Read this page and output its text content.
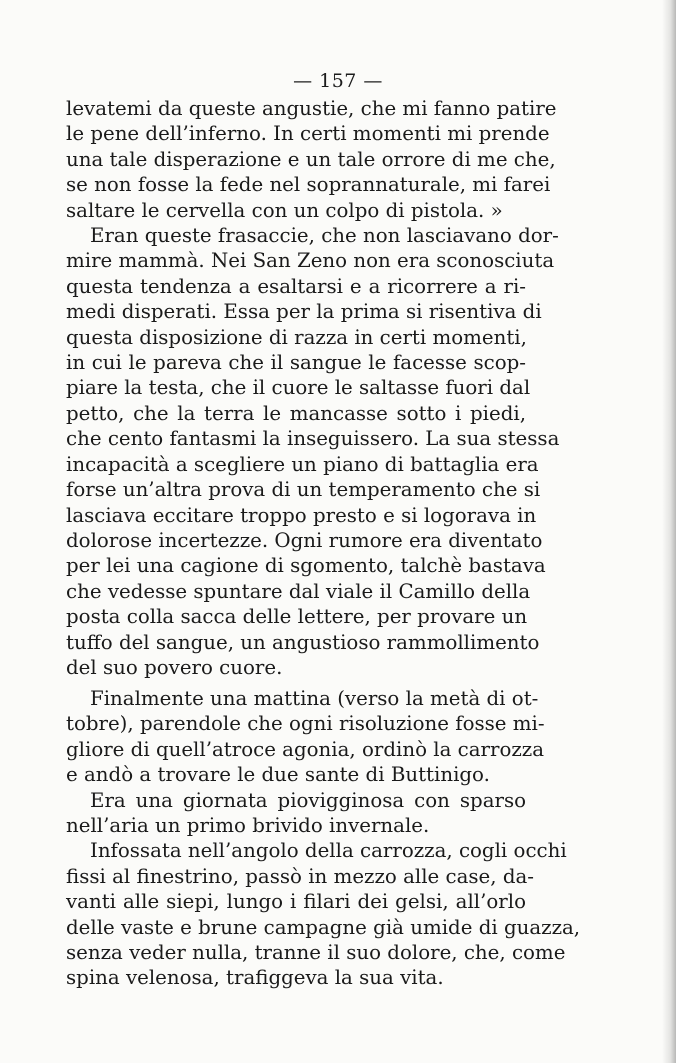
— 157 —
levatemi da queste angustie, che mi fanno patire
le pene dell’inferno. In certi momenti mi prende
una tale disperazione e un tale orrore di me che,
se non fosse la fede nel soprannaturale, mi farei
saltare le cervella con un colpo di pistola. »
Eran queste frasaccie, che non lasciavano dor-
mire mammà. Nei San Zeno non era sconosciuta
questa tendenza a esaltarsi e a ricorrere a ri-
medi disperati. Essa per la prima si risentiva di
questa disposizione di razza in certi momenti,
in cui le pareva che il sangue le facesse scop-
piare la testa, che il cuore le saltasse fuori dal
petto, che la terra le mancasse sotto i piedi,
che cento fantasmi la inseguissero. La sua stessa
incapacità a scegliere un piano di battaglia era
forse un’altra prova di un temperamento che si
lasciava eccitare troppo presto e si logorava in
dolorose incertezze. Ogni rumore era diventato
per lei una cagione di sgomento, talchè bastava
che vedesse spuntare dal viale il Camillo della
posta colla sacca delle lettere, per provare un
tuffo del sangue, un angustioso rammollimento
del suo povero cuore.
Finalmente una mattina (verso la metà di ot-
tobre), parendole che ogni risoluzione fosse mi-
gliore di quell’atroce agonia, ordinò la carrozza
e andò a trovare le due sante di Buttinigo.
Era una giornata piovigginosa con sparso
nell’aria un primo brivido invernale.
Infossata nell’angolo della carrozza, cogli occhi
fissi al finestrino, passò in mezzo alle case, da-
vanti alle siepi, lungo i filari dei gelsi, all’orlo
delle vaste e brune campagne già umide di guazza,
senza veder nulla, tranne il suo dolore, che, come
spina velenosa, trafiggeva la sua vita.
